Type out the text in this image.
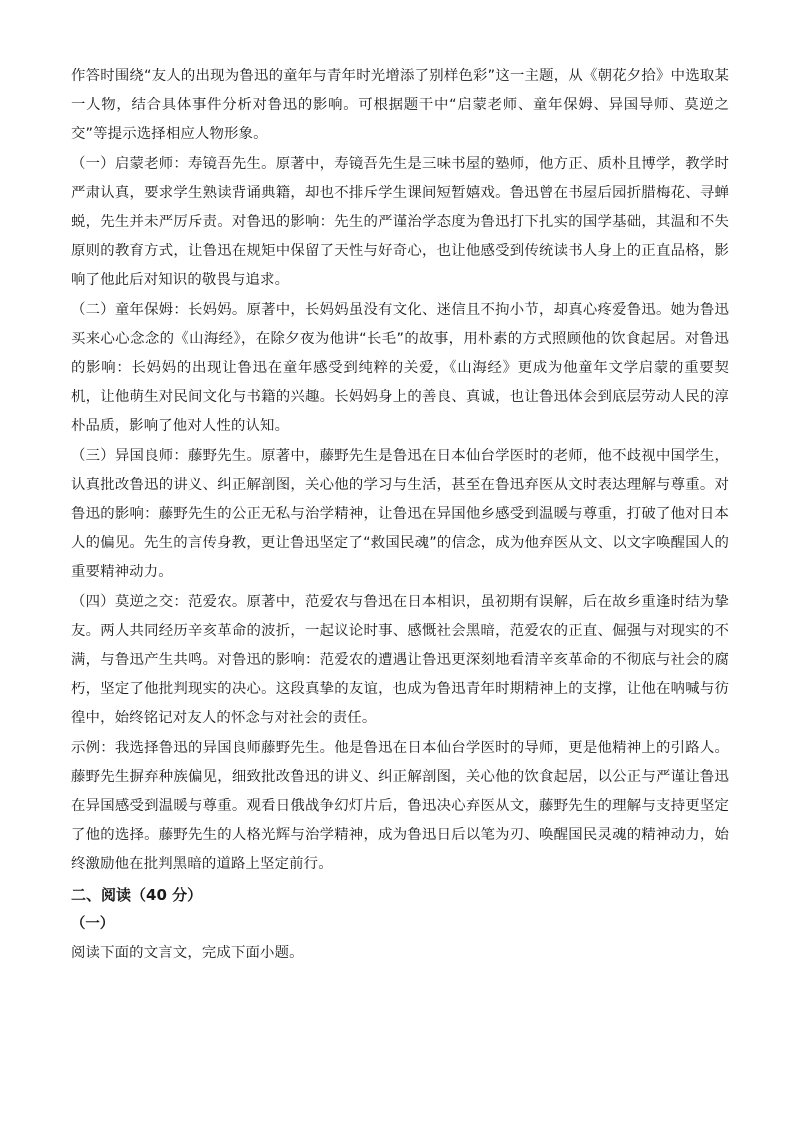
作答时围绕“友人的出现为鲁迅的童年与青年时光增添了别样色彩”这一主题，从《朝花夕拾》中选取某一人物，结合具体事件分析对鲁迅的影响。可根据题干中“启蒙老师、童年保姆、异国导师、莫逆之交”等提示选择相应人物形象。

（一）启蒙老师：寿镜吾先生。原著中，寿镜吾先生是三味书屋的塾师，他方正、质朴且博学，教学时严肃认真，要求学生熟读背诵典籍，却也不排斥学生课间短暂嬉戏。鲁迅曾在书屋后园折腊梅花、寻蝉蜕，先生并未严厉斥责。对鲁迅的影响：先生的严谨治学态度为鲁迅打下扎实的国学基础，其温和不失原则的教育方式，让鲁迅在规矩中保留了天性与好奇心，也让他感受到传统读书人身上的正直品格，影响了他此后对知识的敬畏与追求。

（二）童年保姆：长妈妈。原著中，长妈妈虽没有文化、迷信且不拘小节，却真心疼爱鲁迅。她为鲁迅买来心心念念的《山海经》，在除夕夜为他讲“长毛”的故事，用朴素的方式照顾他的饮食起居。对鲁迅的影响：长妈妈的出现让鲁迅在童年感受到纯粹的关爱，《山海经》更成为他童年文学启蒙的重要契机，让他萌生对民间文化与书籍的兴趣。长妈妈身上的善良、真诚，也让鲁迅体会到底层劳动人民的淳朴品质，影响了他对人性的认知。

（三）异国良师：藤野先生。原著中，藤野先生是鲁迅在日本仙台学医时的老师，他不歧视中国学生，认真批改鲁迅的讲义、纠正解剖图，关心他的学习与生活，甚至在鲁迅弃医从文时表达理解与尊重。对鲁迅的影响：藤野先生的公正无私与治学精神，让鲁迅在异国他乡感受到温暖与尊重，打破了他对日本人的偏见。先生的言传身教，更让鲁迅坚定了“救国民魂”的信念，成为他弃医从文、以文字唤醒国人的重要精神动力。

（四）莫逆之交：范爱农。原著中，范爱农与鲁迅在日本相识，虽初期有误解，后在故乡重逢时结为挚友。两人共同经历辛亥革命的波折，一起议论时事、感慨社会黑暗，范爱农的正直、倔强与对现实的不满，与鲁迅产生共鸣。对鲁迅的影响：范爱农的遭遇让鲁迅更深刻地看清辛亥革命的不彻底与社会的腐朽，坚定了他批判现实的决心。这段真挚的友谊，也成为鲁迅青年时期精神上的支撑，让他在呐喊与彷徨中，始终铭记对友人的怀念与对社会的责任。

示例：我选择鲁迅的异国良师藤野先生。他是鲁迅在日本仙台学医时的导师，更是他精神上的引路人。藤野先生摒弃种族偏见，细致批改鲁迅的讲义、纠正解剖图，关心他的饮食起居，以公正与严谨让鲁迅在异国感受到温暖与尊重。观看日俄战争幻灯片后，鲁迅决心弃医从文，藤野先生的理解与支持更坚定了他的选择。藤野先生的人格光辉与治学精神，成为鲁迅日后以笔为刃、唤醒国民灵魂的精神动力，始终激励他在批判黑暗的道路上坚定前行。

二、阅读（40 分）

（一）

阅读下面的文言文，完成下面小题。
